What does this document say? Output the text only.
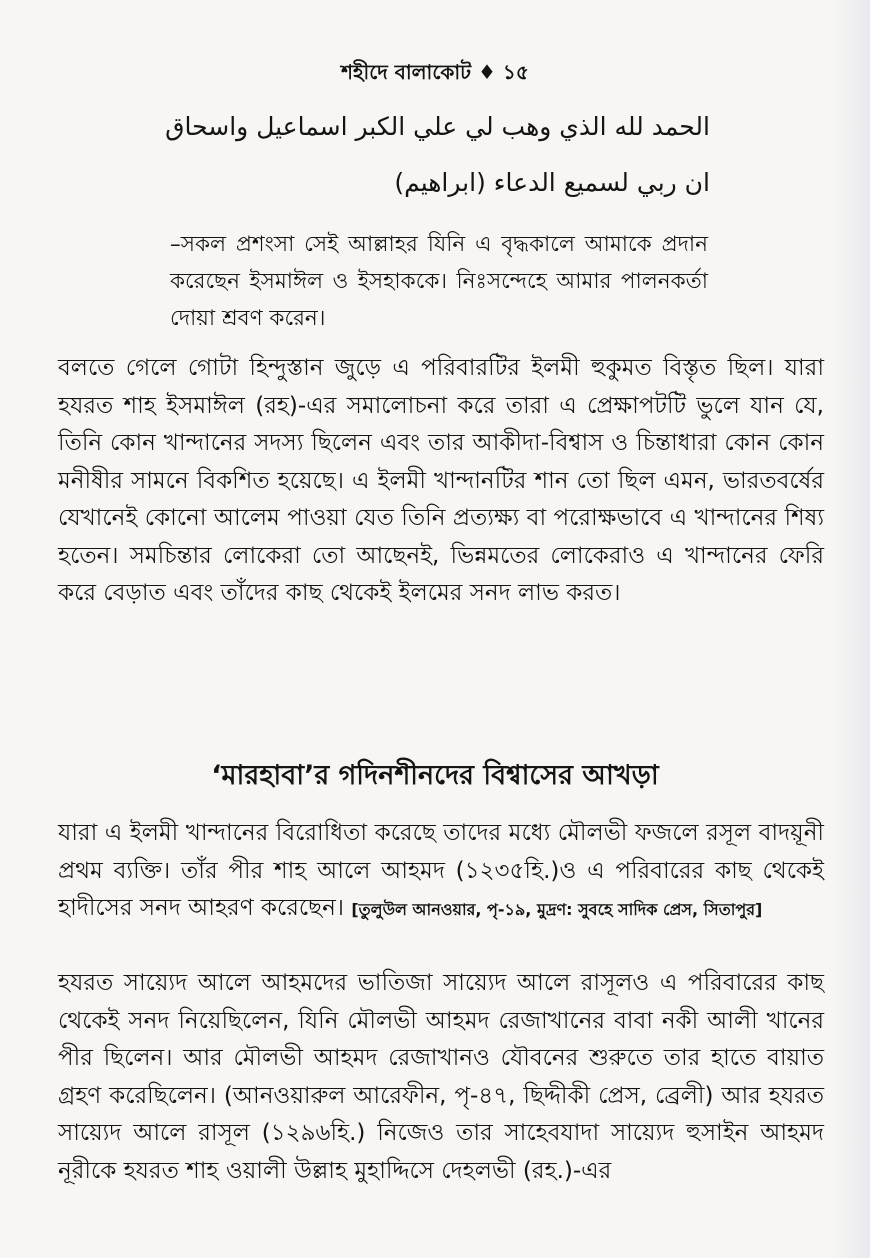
শহীদে বালাকোট ♦ ১৫
الحمد لله الذي وهب لي علي الكبر اسماعيل واسحاق
ان ربي لسميع الدعاء (ابراهيم)
–সকল প্রশংসা সেই আল্লাহর যিনি এ বৃদ্ধকালে আমাকে প্রদান করেছেন ইসমাঈল ও ইসহাককে। নিঃসন্দেহে আমার পালনকর্তা দোয়া শ্রবণ করেন।
বলতে গেলে গোটা হিন্দুস্তান জুড়ে এ পরিবারটির ইলমী হুকুমত বিস্তৃত ছিল। যারা হযরত শাহ ইসমাঈল (রহ)-এর সমালোচনা করে তারা এ প্রেক্ষাপটটি ভুলে যান যে, তিনি কোন খান্দানের সদস্য ছিলেন এবং তার আকীদা-বিশ্বাস ও চিন্তাধারা কোন কোন মনীষীর সামনে বিকশিত হয়েছে। এ ইলমী খান্দানটির শান তো ছিল এমন, ভারতবর্ষের যেখানেই কোনো আলেম পাওয়া যেত তিনি প্রত্যক্ষ্য বা পরোক্ষভাবে এ খান্দানের শিষ্য হতেন। সমচিন্তার লোকেরা তো আছেনই, ভিন্নমতের লোকেরাও এ খান্দানের ফেরি করে বেড়াত এবং তাঁদের কাছ থেকেই ইলমের সনদ লাভ করত।
‘মারহাবা’র গদিনশীনদের বিশ্বাসের আখড়া
যারা এ ইলমী খান্দানের বিরোধিতা করেছে তাদের মধ্যে মৌলভী ফজলে রসূল বাদয়ূনী প্রথম ব্যক্তি। তাঁর পীর শাহ আলে আহমদ (১২৩৫হি.)ও এ পরিবারের কাছ থেকেই হাদীসের সনদ আহরণ করেছেন। [তুলুউল আনওয়ার, পৃ-১৯, মুদ্রণ: সুবহে সাদিক প্রেস, সিতাপুর]
হযরত সায়্যেদ আলে আহমদের ভাতিজা সায়্যেদ আলে রাসূলও এ পরিবারের কাছ থেকেই সনদ নিয়েছিলেন, যিনি মৌলভী আহমদ রেজাখানের বাবা নকী আলী খানের পীর ছিলেন। আর মৌলভী আহমদ রেজাখানও যৌবনের শুরুতে তার হাতে বায়াত গ্রহণ করেছিলেন। (আনওয়ারুল আরেফীন, পৃ-৪৭, ছিদ্দীকী প্রেস, ব্রেলী) আর হযরত সায়্যেদ আলে রাসূল (১২৯৬হি.) নিজেও তার সাহেবযাদা সায়্যেদ হুসাইন আহমদ নূরীকে হযরত শাহ ওয়ালী উল্লাহ মুহাদ্দিসে দেহলভী (রহ.)-এর
